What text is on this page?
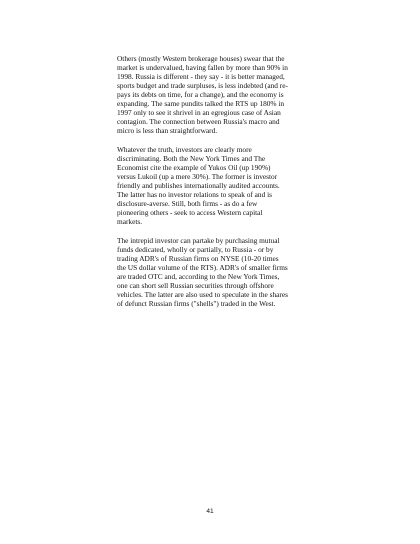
Others (mostly Western brokerage houses) swear that the
market is undervalued, having fallen by more than 90% in
1998. Russia is different - they say - it is better managed,
sports budget and trade surpluses, is less indebted (and re-
pays its debts on time, for a change), and the economy is
expanding. The same pundits talked the RTS up 180% in
1997 only to see it shrivel in an egregious case of Asian
contagion. The connection between Russia's macro and
micro is less than straightforward.

Whatever the truth, investors are clearly more
discriminating. Both the New York Times and The
Economist cite the example of Yukos Oil (up 190%)
versus Lukoil (up a mere 30%). The former is investor
friendly and publishes internationally audited accounts.
The latter has no investor relations to speak of and is
disclosure-averse. Still, both firms - as do a few
pioneering others - seek to access Western capital
markets.

The intrepid investor can partake by purchasing mutual
funds dedicated, wholly or partially, to Russia - or by
trading ADR's of Russian firms on NYSE (10-20 times
the US dollar volume of the RTS). ADR's of smaller firms
are traded OTC and, according to the New York Times,
one can short sell Russian securities through offshore
vehicles. The latter are also used to speculate in the shares
of defunct Russian firms ("shells") traded in the West.

41
